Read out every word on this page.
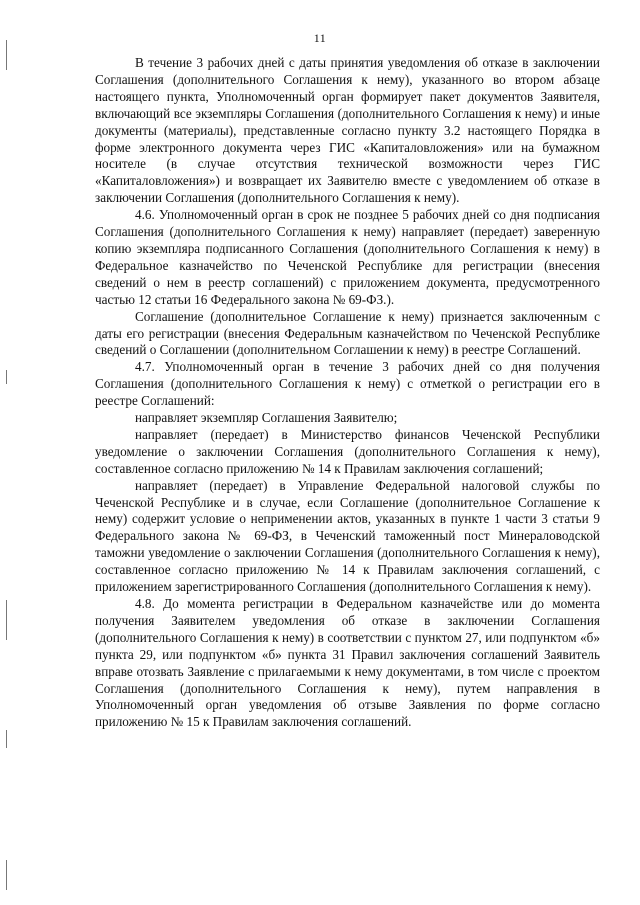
11

В течение 3 рабочих дней с даты принятия уведомления об отказе в заключении Соглашения (дополнительного Соглашения к нему), указанного во втором абзаце настоящего пункта, Уполномоченный орган формирует пакет документов Заявителя, включающий все экземпляры Соглашения (дополнительного Соглашения к нему) и иные документы (материалы), представленные согласно пункту 3.2 настоящего Порядка в форме электронного документа через ГИС «Капиталовложения» или на бумажном носителе (в случае отсутствия технической возможности через ГИС «Капиталовложения») и возвращает их Заявителю вместе с уведомлением об отказе в заключении Соглашения (дополнительного Соглашения к нему).

4.6. Уполномоченный орган в срок не позднее 5 рабочих дней со дня подписания Соглашения (дополнительного Соглашения к нему) направляет (передает) заверенную копию экземпляра подписанного Соглашения (дополнительного Соглашения к нему) в Федеральное казначейство по Чеченской Республике для регистрации (внесения сведений о нем в реестр соглашений) с приложением документа, предусмотренного частью 12 статьи 16 Федерального закона № 69-ФЗ.).

Соглашение (дополнительное Соглашение к нему) признается заключенным с даты его регистрации (внесения Федеральным казначейством по Чеченской Республике сведений о Соглашении (дополнительном Соглашении к нему) в реестре Соглашений.

4.7. Уполномоченный орган в течение 3 рабочих дней со дня получения Соглашения (дополнительного Соглашения к нему) с отметкой о регистрации его в реестре Соглашений:

направляет экземпляр Соглашения Заявителю;

направляет (передает) в Министерство финансов Чеченской Республики уведомление о заключении Соглашения (дополнительного Соглашения к нему), составленное согласно приложению № 14 к Правилам заключения соглашений;

направляет (передает) в Управление Федеральной налоговой службы по Чеченской Республике и в случае, если Соглашение (дополнительное Соглашение к нему) содержит условие о неприменении актов, указанных в пункте 1 части 3 статьи 9 Федерального закона № 69-ФЗ, в Чеченский таможенный пост Минераловодской таможни уведомление о заключении Соглашения (дополнительного Соглашения к нему), составленное согласно приложению № 14 к Правилам заключения соглашений, с приложением зарегистрированного Соглашения (дополнительного Соглашения к нему).

4.8. До момента регистрации в Федеральном казначействе или до момента получения Заявителем уведомления об отказе в заключении Соглашения (дополнительного Соглашения к нему) в соответствии с пунктом 27, или подпунктом «б» пункта 29, или подпунктом «б» пункта 31 Правил заключения соглашений Заявитель вправе отозвать Заявление с прилагаемыми к нему документами, в том числе с проектом Соглашения (дополнительного Соглашения к нему), путем направления в Уполномоченный орган уведомления об отзыве Заявления по форме согласно приложению № 15 к Правилам заключения соглашений.
